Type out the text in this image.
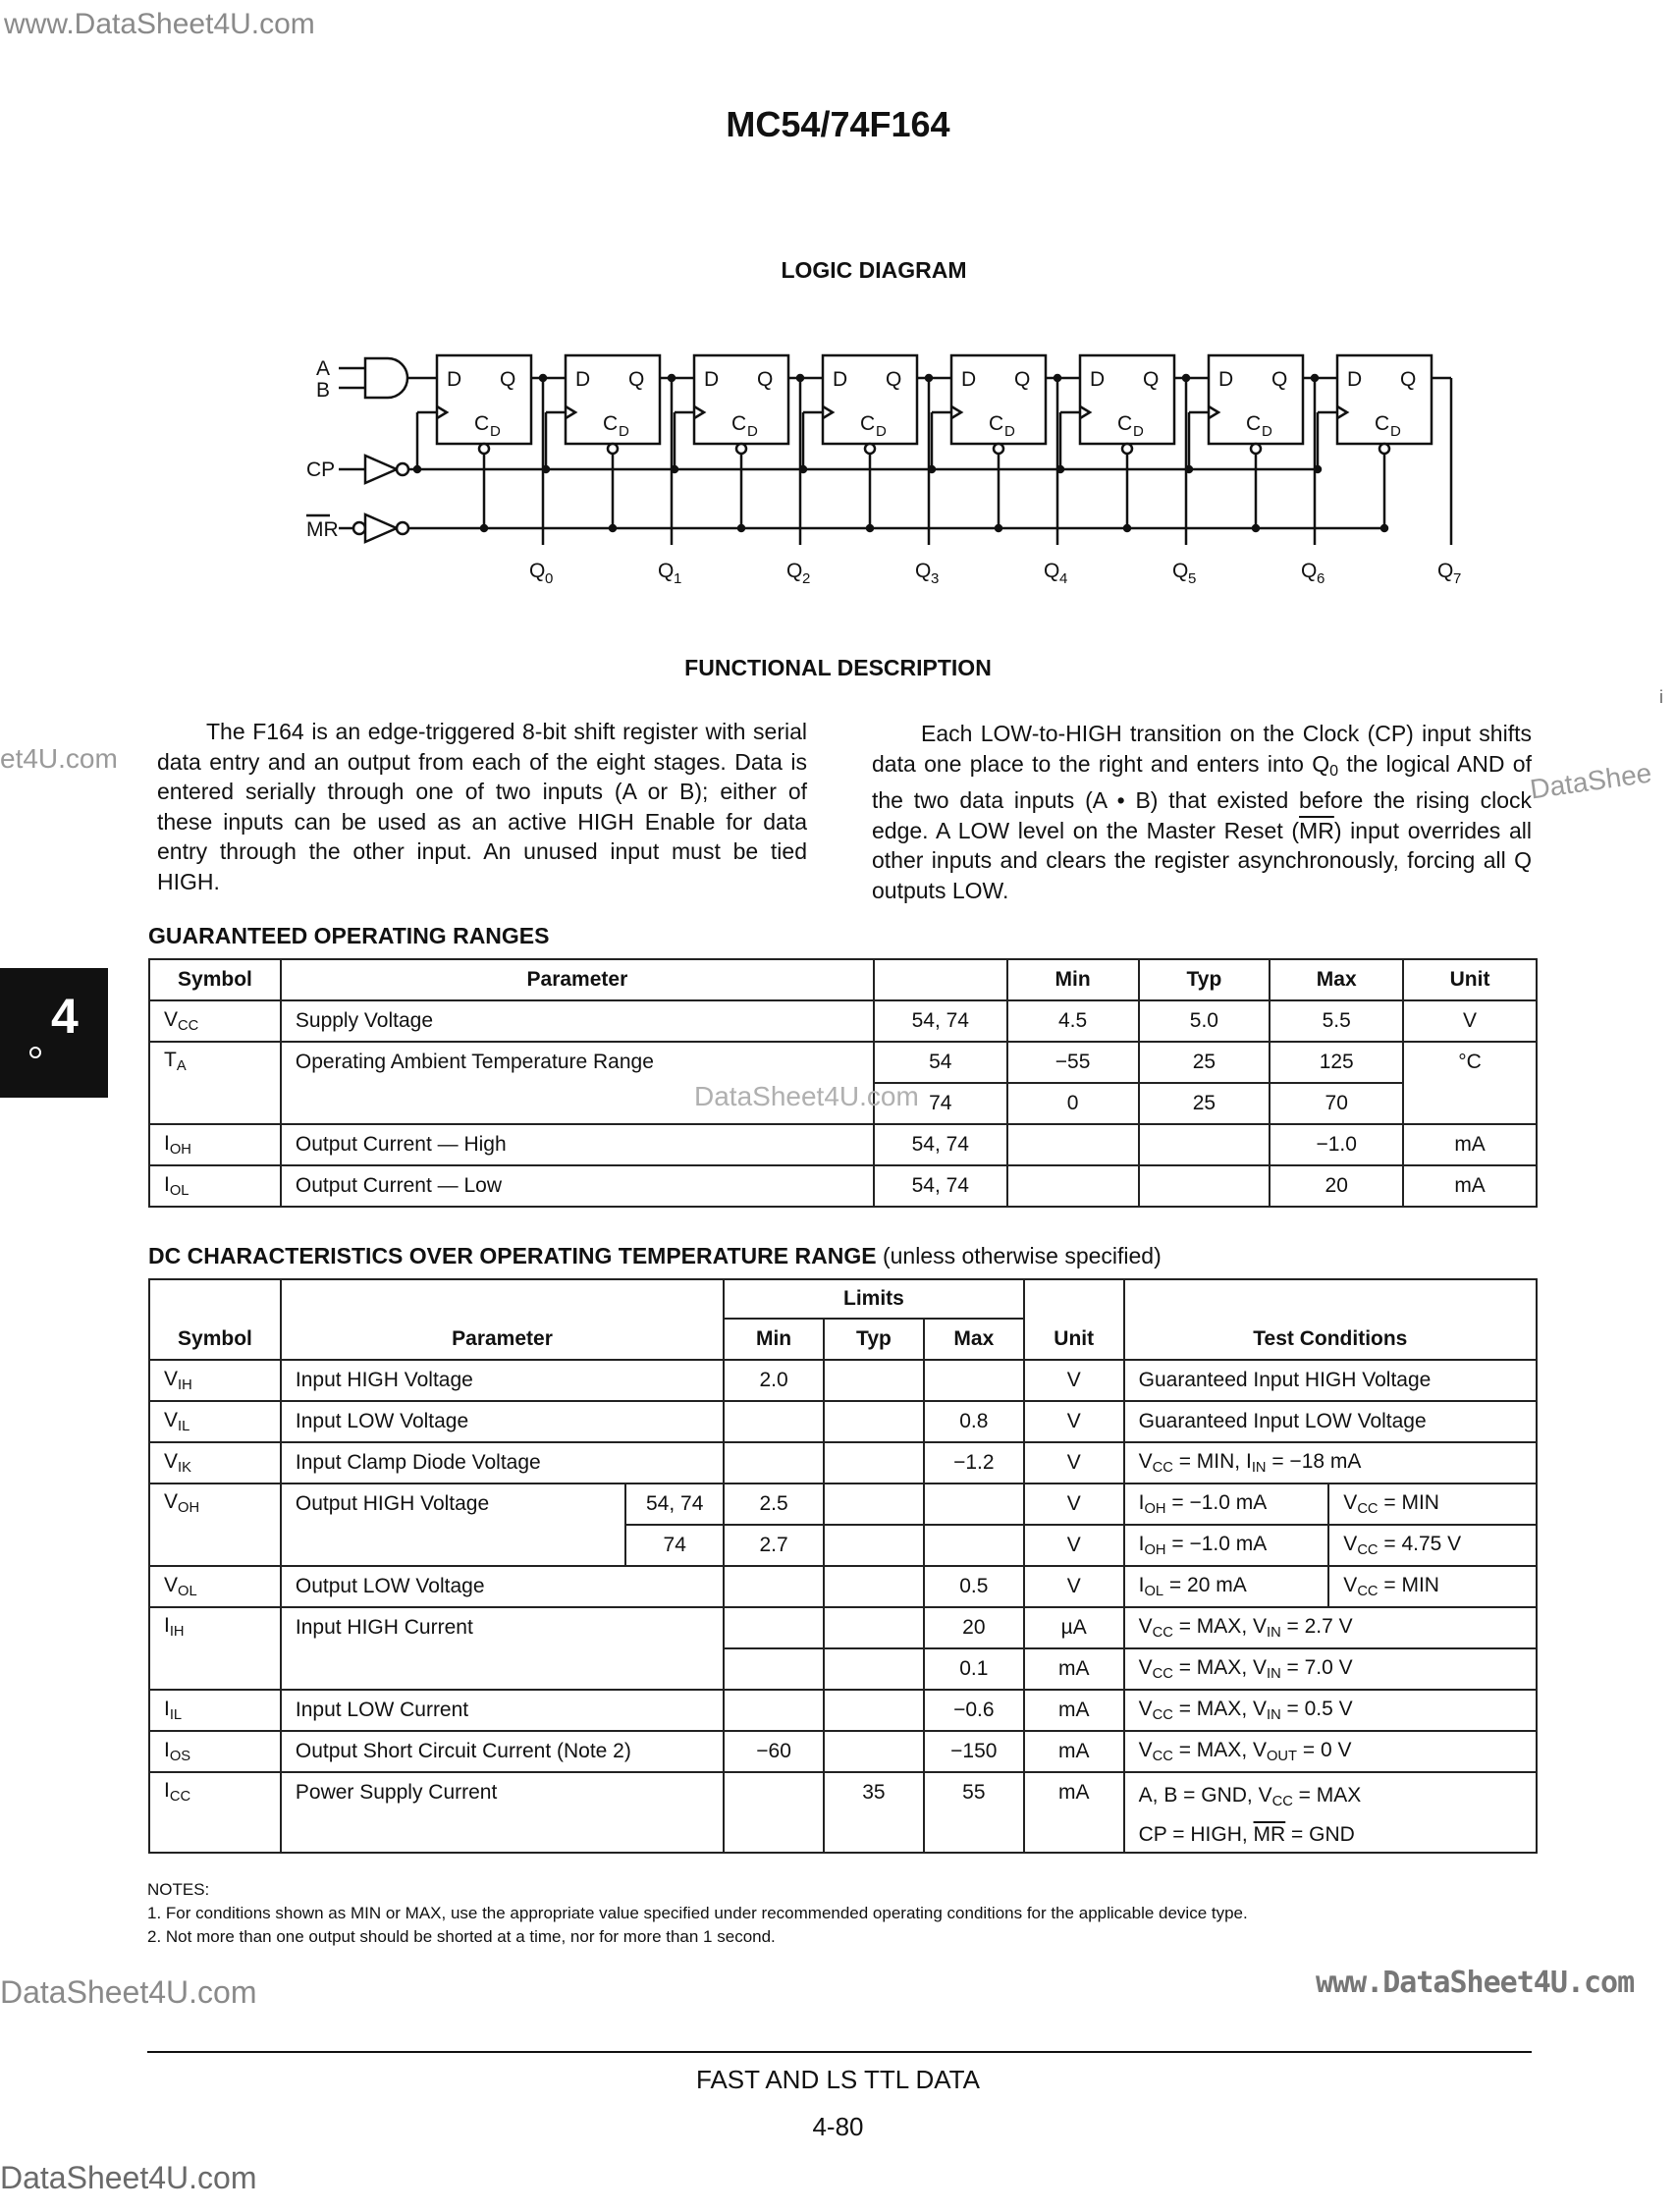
www.DataSheet4U.com
et4U.com	DataShee
DataSheet4U.com	www.DataSheet4U.com
DataSheet4U.com
i
MC54/74F164
LOGIC DIAGRAM
D Q
C D
Q 0
D Q
C D
Q 1
D Q
C D
Q 2
D Q
C D
Q 3
D Q
C D
Q 4
D Q
C D
Q 5
D Q
C D
Q 6
D Q
C D
Q 7
A
B
CP
MR
FUNCTIONAL DESCRIPTION
The F164 is an edge-triggered 8-bit shift register with serial data entry and an output from each of the eight stages. Data is entered serially through one of two inputs (A or B); either of these inputs can be used as an active HIGH Enable for data entry through the other input. An unused input must be tied HIGH.
Each LOW-to-HIGH transition on the Clock (CP) input shifts data one place to the right and enters into $Q_0$ the logical AND of the two data inputs (A • B) that existed before the rising clock edge. A LOW level on the Master Reset $(\overline{MR})$ input overrides all other inputs and clears the register asynchronously, forcing all Q outputs LOW.
4
GUARANTEED OPERATING RANGES
Symbol	Parameter		Min	Typ	Max	Unit
$V_{CC}$	Supply Voltage	54, 74	4.5	5.0	5.5	V
$T_A$	Operating Ambient Temperature Range	54	−55	25	125	°C
		74	0	25	70	
$I_{OH}$	Output Current — High	54, 74			−1.0	mA
$I_{OL}$	Output Current — Low	54, 74			20	mA
DataSheet4U.com
DC CHARACTERISTICS OVER OPERATING TEMPERATURE RANGE (unless otherwise specified)
Symbol	Parameter		Limits			Unit	Test Conditions	
			Min	Typ	Max			
$V_{IH}$	Input HIGH Voltage		2.0			V	Guaranteed Input HIGH Voltage	
$V_{IL}$	Input LOW Voltage				0.8	V	Guaranteed Input LOW Voltage	
$V_{IK}$	Input Clamp Diode Voltage				−1.2	V	$V_{CC}$ = MIN, $I_{IN} = -18$ mA	
$V_{OH}$	Output HIGH Voltage	54, 74	2.5			V	$I_{OH} = -1.0$ mA	$V_{CC}$ = MIN
		74	2.7			V	$I_{OH} = -1.0$ mA	$V_{CC} = 4.75$ V
$V_{OL}$	Output LOW Voltage				0.5	V	$I_{OL} = 20$ mA	$V_{CC}$ = MIN
$I_{IH}$	Input HIGH Current				20	µA	$V_{CC}$ = MAX, $V_{IN} = 2.7$ V	
					0.1	mA	$V_{CC}$ = MAX, $V_{IN} = 7.0$ V	
$I_{IL}$	Input LOW Current				−0.6	mA	$V_{CC}$ = MAX, $V_{IN} = 0.5$ V	
$I_{OS}$	Output Short Circuit Current (Note 2)		−60		−150	mA	$V_{CC}$ = MAX, $V_{OUT} = 0$ V	
$I_{CC}$	Power Supply Current			35	55	mA	A, B = GND, $V_{CC}$ = MAX
CP = HIGH, $\overline{MR}$ = GND	
NOTES:
1. For conditions shown as MIN or MAX, use the appropriate value specified under recommended operating conditions for the applicable device type.
2. Not more than one output should be shorted at a time, nor for more than 1 second.
FAST AND LS TTL DATA
4-80
